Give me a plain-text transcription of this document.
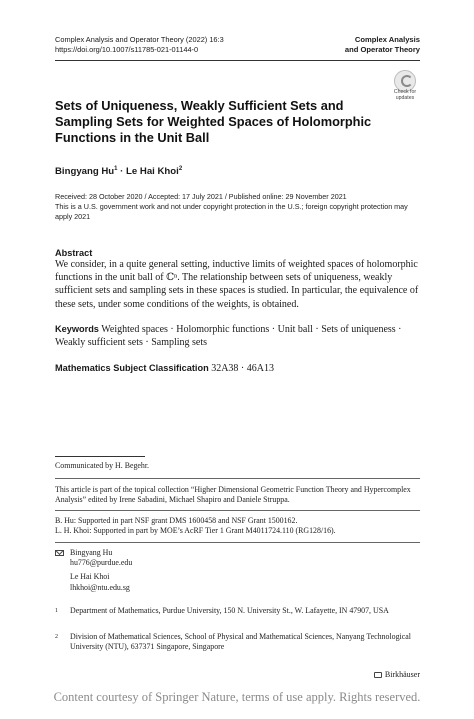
Complex Analysis and Operator Theory (2022) 16:3
https://doi.org/10.1007/s11785-021-01144-0
Complex Analysis
and Operator Theory
Check for
updates
Sets of Uniqueness, Weakly Sufficient Sets and Sampling Sets for Weighted Spaces of Holomorphic Functions in the Unit Ball
Bingyang $Hu^1 \cdot Le$ Hai Khoi$^2$
Received: 28 October 2020 / Accepted: 17 July 2021 / Published online: 29 November 2021
This is a U.S. government work and not under copyright protection in the U.S.; foreign copyright protection may apply 2021
Abstract
We consider, in a quite general setting, inductive limits of weighted spaces of holomorphic functions in the unit ball of ℂⁿ. The relationship between sets of uniqueness, weakly sufficient sets and sampling sets in these spaces is studied. In particular, the equivalence of these sets, under some conditions of the weights, is obtained.
Keywords Weighted spaces · Holomorphic functions · Unit ball · Sets of uniqueness · Weakly sufficient sets · Sampling sets
Mathematics Subject Classification 32A38 · 46A13
Communicated by H. Begehr.
This article is part of the topical collection “Higher Dimensional Geometric Function Theory and Hypercomplex Analysis” edited by Irene Sabadini, Michael Shapiro and Daniele Struppa.
B. Hu: Supported in part NSF grant DMS 1600458 and NSF Grant 1500162.
L. H. Khoi: Supported in part by MOE’s AcRF Tier 1 Grant M4011724.110 (RG128/16).
Bingyang Hu
hu776@purdue.edu
Le Hai Khoi
lhkhoi@ntu.edu.sg
1 Department of Mathematics, Purdue University, 150 N. University St., W. Lafayette, IN 47907, USA
2 Division of Mathematical Sciences, School of Physical and Mathematical Sciences, Nanyang Technological University (NTU), 637371 Singapore, Singapore
Birkhäuser
Content courtesy of Springer Nature, terms of use apply. Rights reserved.
